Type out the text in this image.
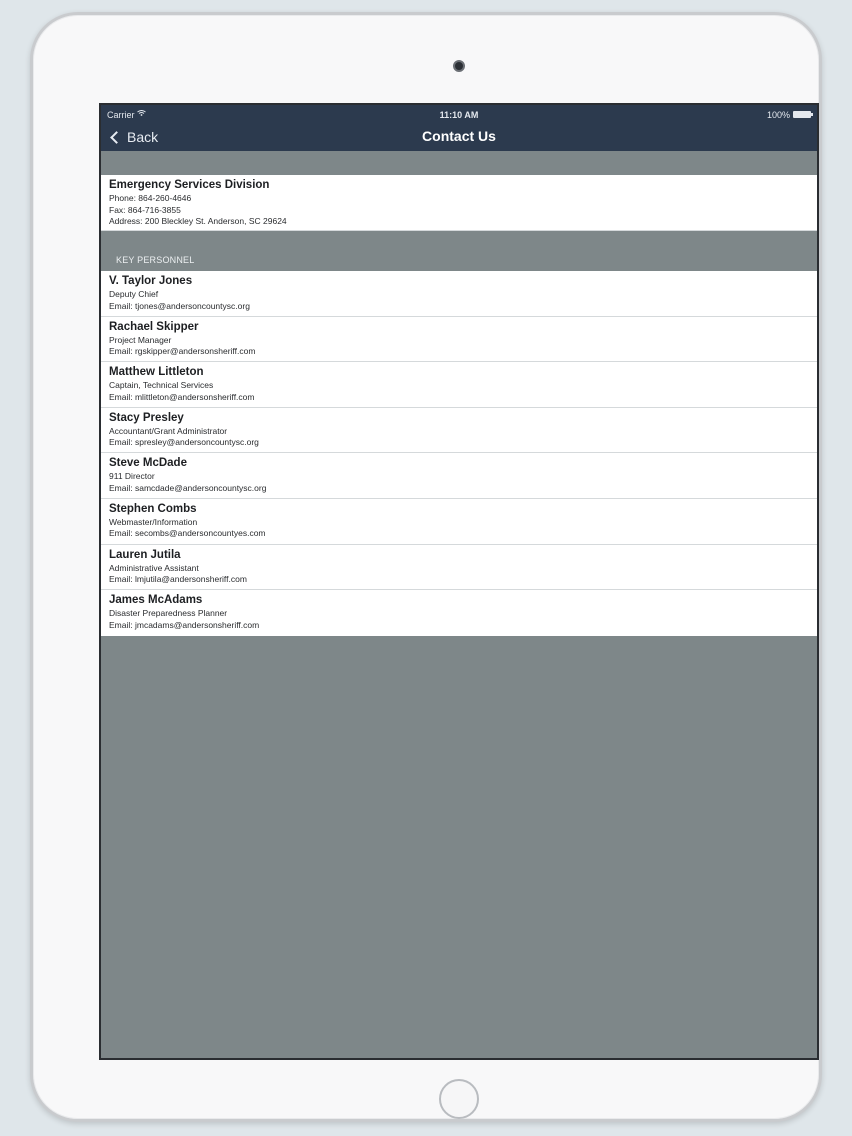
Carrier	11:10 AM	100%
Back	Contact Us
Emergency Services Division
Phone: 864-260-4646
Fax: 864-716-3855
Address: 200 Bleckley St. Anderson, SC 29624
KEY PERSONNEL
V. Taylor Jones
Deputy Chief
Email: tjones@andersoncountysc.org
Rachael Skipper
Project Manager
Email: rgskipper@andersonsheriff.com
Matthew Littleton
Captain, Technical Services
Email: mlittleton@andersonsheriff.com
Stacy Presley
Accountant/Grant Administrator
Email: spresley@andersoncountysc.org
Steve McDade
911 Director
Email: samcdade@andersoncountysc.org
Stephen Combs
Webmaster/Information
Email: secombs@andersoncountyes.com
Lauren Jutila
Administrative Assistant
Email: lmjutila@andersonsheriff.com
James McAdams
Disaster Preparedness Planner
Email: jmcadams@andersonsheriff.com
